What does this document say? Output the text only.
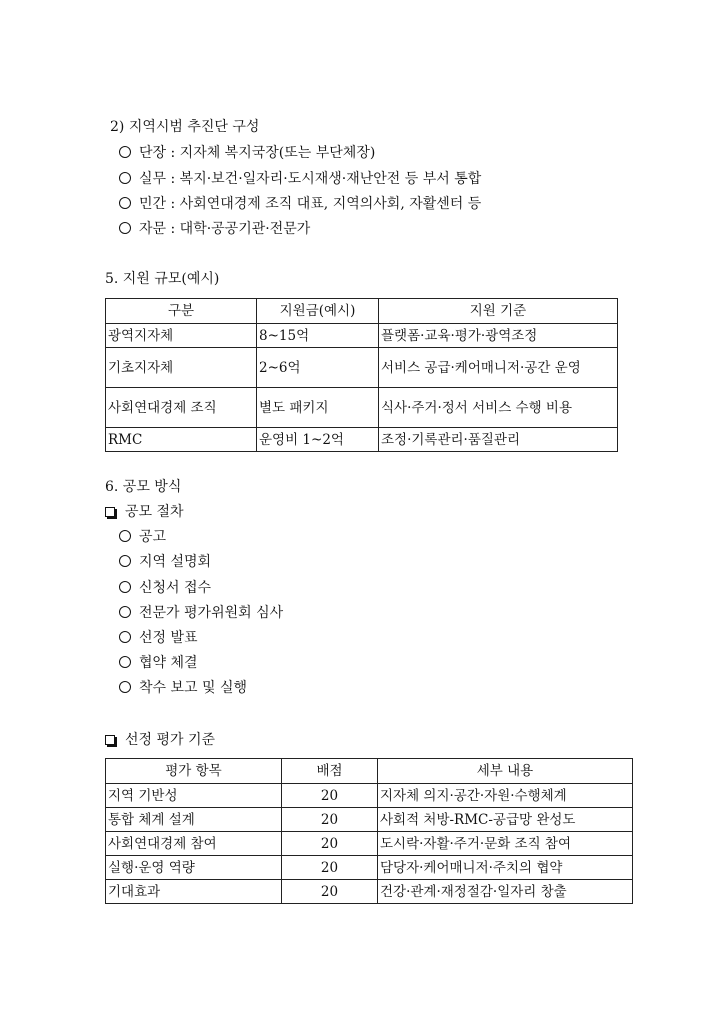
2) 지역시범 추진단 구성
단장 : 지자체 복지국장(또는 부단체장)
실무 : 복지·보건·일자리·도시재생·재난안전 등 부서 통합
민간 : 사회연대경제 조직 대표, 지역의사회, 자활센터 등
자문 : 대학·공공기관·전문가
5. 지원 규모(예시)
구분	지원금(예시)	지원 기준
광역지자체	8~15억	플랫폼·교육·평가·광역조정
기초지자체	2~6억	서비스 공급·케어매니저·공간 운영
사회연대경제 조직	별도 패키지	식사·주거·정서 서비스 수행 비용
RMC	운영비 1~2억	조정·기록관리·품질관리
6. 공모 방식
공모 절차
공고
지역 설명회
신청서 접수
전문가 평가위원회 심사
선정 발표
협약 체결
착수 보고 및 실행
선정 평가 기준
평가 항목	배점	세부 내용
지역 기반성	20	지자체 의지·공간·자원·수행체계
통합 체계 설계	20	사회적 처방-RMC-공급망 완성도
사회연대경제 참여	20	도시락·자활·주거·문화 조직 참여
실행·운영 역량	20	담당자·케어매니저·주치의 협약
기대효과	20	건강·관계·재정절감·일자리 창출
